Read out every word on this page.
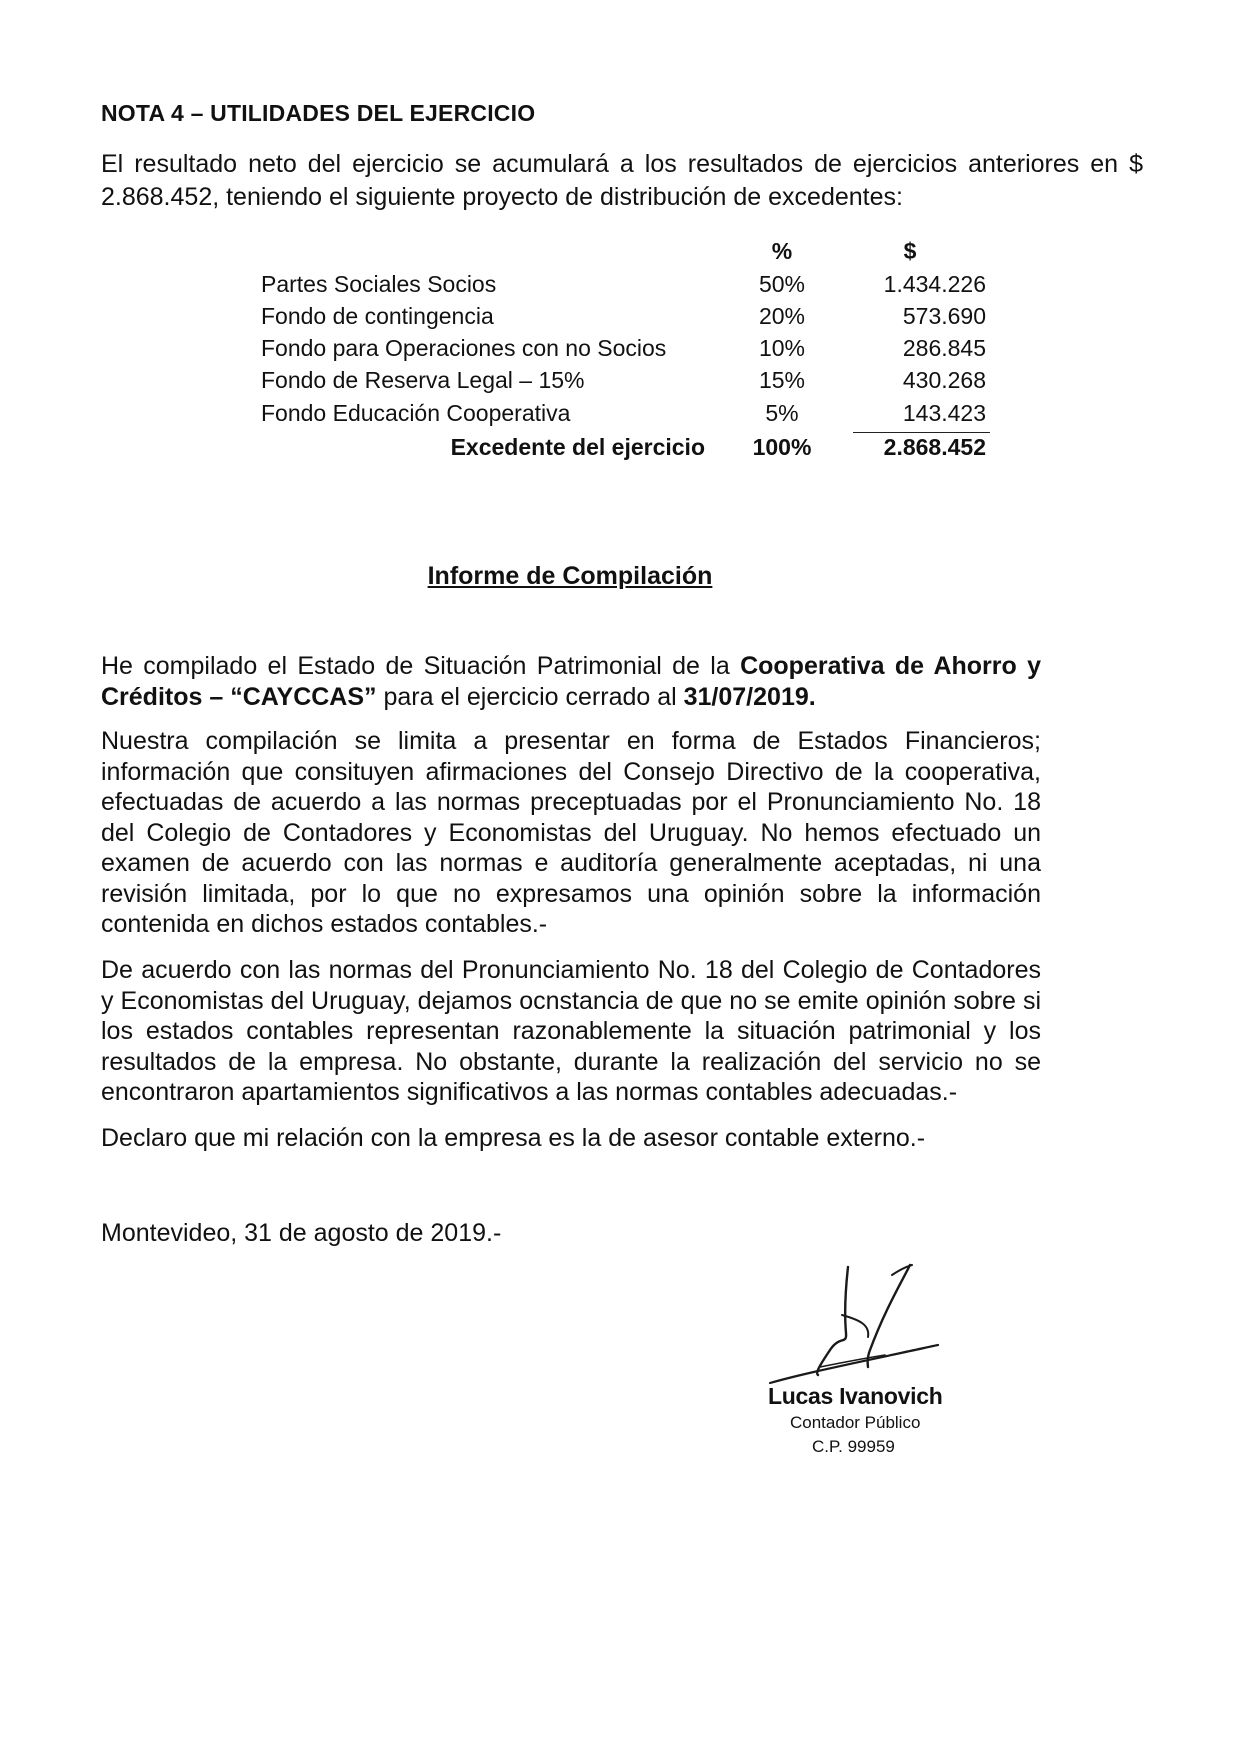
NOTA 4 – UTILIDADES DEL EJERCICIO
El resultado neto del ejercicio se acumulará a los resultados de ejercicios anteriores en $ 2.868.452, teniendo el siguiente proyecto de distribución de excedentes:
%	$
Partes Sociales Socios	50%	1.434.226
Fondo de contingencia	20%	573.690
Fondo para Operaciones con no Socios	10%	286.845
Fondo de Reserva Legal – 15%	15%	430.268
Fondo Educación Cooperativa	5%	143.423
Excedente del ejercicio	100%	2.868.452
Informe de Compilación
He compilado el Estado de Situación Patrimonial de la Cooperativa de Ahorro y Créditos – “CAYCCAS” para el ejercicio cerrado al 31/07/2019.
Nuestra compilación se limita a presentar en forma de Estados Financieros; información que consituyen afirmaciones del Consejo Directivo de la cooperativa, efectuadas de acuerdo a las normas preceptuadas por el Pronunciamiento No. 18 del Colegio de Contadores y Economistas del Uruguay. No hemos efectuado un examen de acuerdo con las normas e auditoría generalmente aceptadas, ni una revisión limitada, por lo que no expresamos una opinión sobre la información contenida en dichos estados contables.-
De acuerdo con las normas del Pronunciamiento No. 18 del Colegio de Contadores y Economistas del Uruguay, dejamos ocnstancia de que no se emite opinión sobre si los estados contables representan razonablemente la situación patrimonial y los resultados de la empresa. No obstante, durante la realización del servicio no se encontraron apartamientos significativos a las normas contables adecuadas.-
Declaro que mi relación con la empresa es la de asesor contable externo.-
Montevideo, 31 de agosto de 2019.-
Lucas Ivanovich
Contador Público
C.P. 99959
